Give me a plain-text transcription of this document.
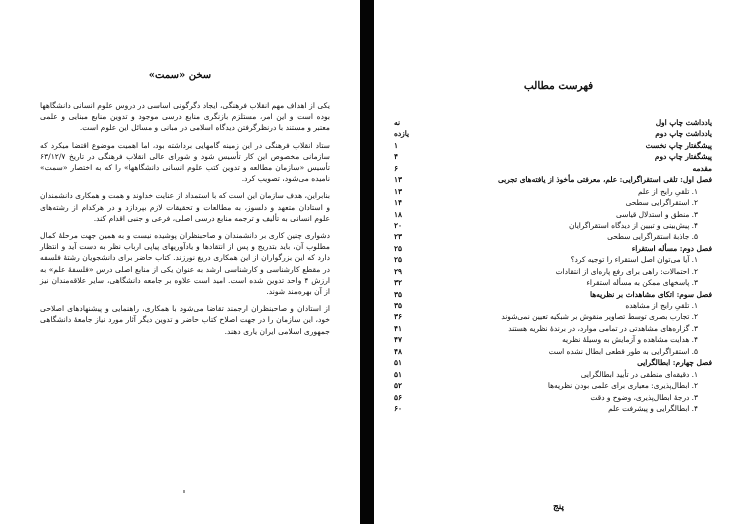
سخن «سمت»

یکی از اهداف مهم انقلاب فرهنگی، ایجاد دگرگونی اساسی در دروس علوم انسانی دانشگاهها بوده است و این امر، مستلزم بازنگری منابع درسی موجود و تدوین منابع مبنایی و علمی معتبر و مستند با درنظرگرفتن دیدگاه اسلامی در مبانی و مسائل این علوم است.

ستاد انقلاب فرهنگی در این زمینه گامهایی برداشته بود، اما اهمیت موضوع اقتضا میکرد که سازمانی مخصوص این کار تأسیس شود و شورای عالی انقلاب فرهنگی در تاریخ ۶۳/۱۲/۷ تأسیس «سازمان مطالعه و تدوین کتب علوم انسانی دانشگاهها» را که به اختصار «سمت» نامیده می‌شود، تصویب کرد.

بنابراین، هدف سازمان این است که با استمداد از عنایت خداوند و همت و همکاری دانشمندان و استادان متعهد و دلسوز، به مطالعات و تحقیقات لازم بپردازد و در هرکدام از رشته‌های علوم انسانی به تألیف و ترجمه منابع درسی اصلی، فرعی و جنبی اقدام کند.

دشواری چنین کاری بر دانشمندان و صاحبنظران پوشیده نیست و به همین جهت مرحلهٔ کمال مطلوب آن، باید بتدریج و پس از انتقادها و یادآوریهای پیاپی ارباب نظر به دست آید و انتظار دارد که این بزرگواران از این همکاری دریغ نورزند. کتاب حاضر برای دانشجویان رشتهٔ فلسفه در مقطع کارشناسی و کارشناسی ارشد به عنوان یکی از منابع اصلی درس «فلسفهٔ علم» به ارزش ۴ واحد تدوین شده است. امید است علاوه بر جامعه دانشگاهی، سایر علاقه‌مندان نیز از آن بهره‌مند شوند.

از استادان و صاحبنظران ارجمند تقاضا می‌شود با همکاری، راهنمایی و پیشنهادهای اصلاحی خود، این سازمان را در جهت اصلاح کتاب حاضر و تدوین دیگر آثار مورد نیاز جامعهٔ دانشگاهی جمهوری اسلامی ایران یاری دهند.

فهرست مطالب
یادداشت چاپ اول
نه
یادداشت چاپ دوم
یازده
پیشگفتار چاپ نخست
۱
پیشگفتار چاپ دوم
۴
مقدمه
۶
فصل اول: تلقی استقراگرایی: علم، معرفتی مأخوذ از یافته‌های تجربی
۱۳
۱. تلقیِ رایج از علم
۱۳
۲. استقراگرایی سطحی
۱۴
۳. منطق و استدلال قیاسی
۱۸
۴. پیش‌بینی و تبیین از دیدگاه استقراگرایان
۲۰
۵. جاذبهٔ استقراگرایی سطحی
۲۳
فصل دوم: مسأله استقراء
۲۵
۱. آیا می‌توان اصل استقراء را توجیه کرد؟
۲۵
۲. احتمالات: راهی برای رفع پاره‌ای از انتقادات
۲۹
۳. پاسخهای ممکن به مسأله استقراء
۳۲
فصل سوم: اتکای مشاهدات بر نظریه‌ها
۳۵
۱. تلقیِ رایج از مشاهده
۳۵
۲. تجارب بصری توسط تصاویر منقوش بر شبکیه تعیین نمی‌شوند
۳۶
۳. گزاره‌های مشاهدتی در تمامی موارد، در برندهٔ نظریه هستند
۴۱
۴. هدایت مشاهده و آزمایش به وسیلهٔ نظریه
۴۷
۵. استقراگرایی به طور قطعی ابطال نشده است
۴۸
فصل چهارم: ابطالگرایی
۵۱
۱. دقیقه‌ای منطقی در تأیید ابطالگرایی
۵۱
۲. ابطال‌پذیری: معیاری برای علمی بودن نظریه‌ها
۵۲
۳. درجهٔ ابطال‌پذیری، وضوح و دقت
۵۶
۴. ابطالگرایی و پیشرفت علم
۶۰
پنج
